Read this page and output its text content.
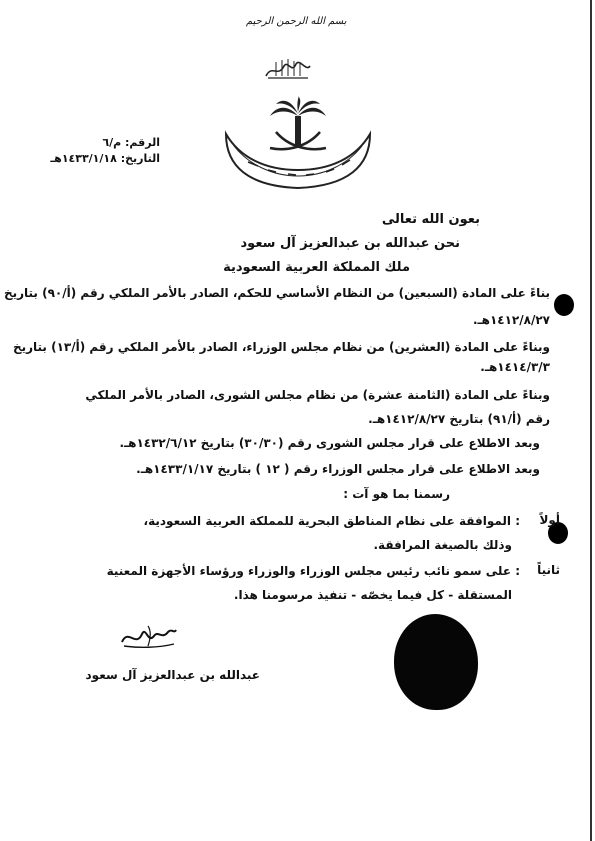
بسم الله الرحمن الرحيم
الرقم: م/٦
التاريخ: ١٤٣٣/١/١٨هـ
بعون الله تعالى
نحن عبدالله بن عبدالعزيز آل سعود
ملك المملكة العربية السعودية
بناءً على المادة (السبعين) من النظام الأساسي للحكم، الصادر بالأمر الملكي رقم (أ/٩٠) بتاريخ
١٤١٢/٨/٢٧هـ.
وبناءً على المادة (العشرين) من نظام مجلس الوزراء، الصادر بالأمر الملكي رقم (أ/١٣) بتاريخ
١٤١٤/٣/٣هـ.
وبناءً على المادة (الثامنة عشرة) من نظام مجلس الشورى، الصادر بالأمر الملكي
رقم (أ/٩١) بتاريخ ١٤١٢/٨/٢٧هـ.
وبعد الاطلاع على قرار مجلس الشورى رقم (٣٠/٣٠) بتاريخ ١٤٣٢/٦/١٢هـ.
وبعد الاطلاع على قرار مجلس الوزراء رقم ( ١٢ ) بتاريخ ١٤٣٣/١/١٧هـ.
رسمنا بما هو آت :
أولاً
: الموافقة على نظام المناطق البحرية للمملكة العربية السعودية،
وذلك بالصيغة المرافقة.
ثانياً
: على سمو نائب رئيس مجلس الوزراء والوزراء ورؤساء الأجهزة المعنية
المستقلة - كل فيما يخصّه - تنفيذ مرسومنا هذا.
عبدالله بن عبدالعزيز آل سعود
